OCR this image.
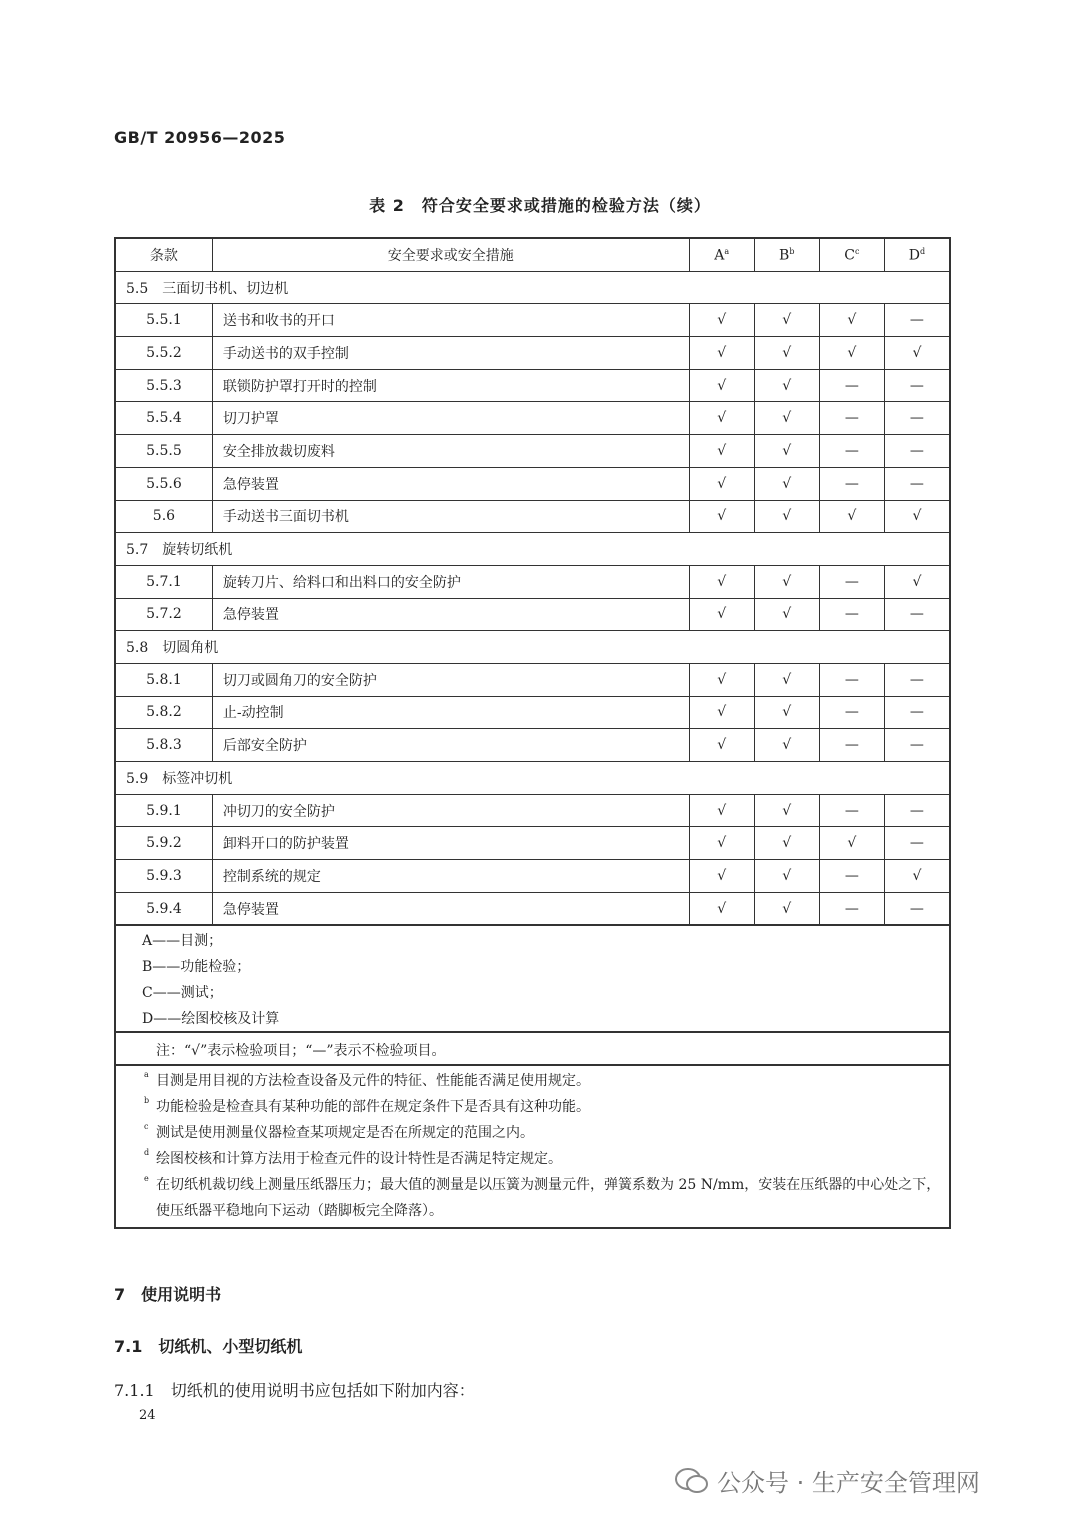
GB/T 20956—2025
表 2　符合安全要求或措施的检验方法（续）
条款	安全要求或安全措施	$A^a$	$B^b$	$C^c$	$D^d$
5.5　三面切书机、切边机					
5.5.1	送书和收书的开口	√	√	√	—
5.5.2	手动送书的双手控制	√	√	√	√
5.5.3	联锁防护罩打开时的控制	√	√	—	—
5.5.4	切刀护罩	√	√	—	—
5.5.5	安全排放裁切废料	√	√	—	—
5.5.6	急停装置	√	√	—	—
5.6	手动送书三面切书机	√	√	√	√
5.7　旋转切纸机					
5.7.1	旋转刀片、给料口和出料口的安全防护	√	√	—	√
5.7.2	急停装置	√	√	—	—
5.8　切圆角机					
5.8.1	切刀或圆角刀的安全防护	√	√	—	—
5.8.2	止-动控制	√	√	—	—
5.8.3	后部安全防护	√	√	—	—
5.9　标签冲切机					
5.9.1	冲切刀的安全防护	√	√	—	—
5.9.2	卸料开口的防护装置	√	√	√	—
5.9.3	控制系统的规定	√	√	—	√
5.9.4	急停装置	√	√	—	—
A——目测；
B——功能检验；
C——测试；
D——绘图校核及计算
注：“√”表示检验项目；“—”表示不检验项目。
a 目测是用目视的方法检查设备及元件的特征、性能能否满足使用规定。
b 功能检验是检查具有某种功能的部件在规定条件下是否具有这种功能。
c 测试是使用测量仪器检查某项规定是否在所规定的范围之内。
d 绘图校核和计算方法用于检查元件的设计特性是否满足特定规定。
e 在切纸机裁切线上测量压纸器压力；最大值的测量是以压簧为测量元件，弹簧系数为 25 N/mm，安装在压纸器的中心处之下，使压纸器平稳地向下运动（踏脚板完全降落）。
7　使用说明书
7.1　切纸机、小型切纸机
7.1.1　切纸机的使用说明书应包括如下附加内容：
24
公众号 · 生产安全管理网
